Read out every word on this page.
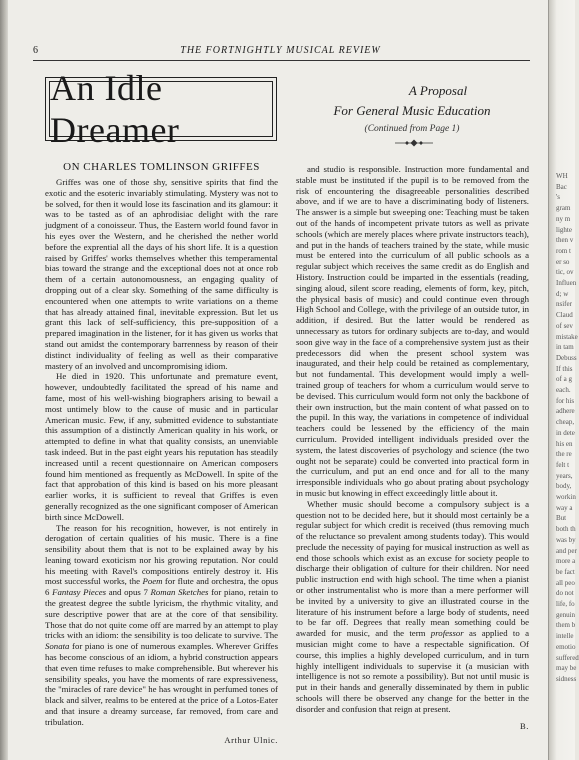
6	THE FORTNIGHTLY MUSICAL REVIEW
An Idle Dreamer
A Proposal
For General Music Education
(Continued from Page 1)
ON CHARLES TOMLINSON GRIFFES

Griffes was one of those shy, sensitive spirits that find the exotic and the esoteric invariably stimulating. Mystery was not to be solved, for then it would lose its fascination and its glamour: it was to be tasted as of an aphrodisiac delight with the rare judgment of a conoisseur. Thus, the Eastern world found favor in his eyes over the Western, and he cherished the nether world before the exprential all the days of his short life. It is a question raised by Griffes' works themselves whether this temperamental bias toward the strange and the exceptional does not at once rob them of a certain autonomousness, an engaging quality of dropping out of a clear sky. Something of the same difficulty is encountered when one attempts to write variations on a theme that has already attained final, inevitable expression. But let us grant this lack of self-sufficiency, this pre-supposition of a prepared imagination in the listener, for it has given us works that stand out amidst the contemporary barrenness by reason of their distinct individuality of feeling as well as their comparative mastery of an involved and uncompromising idiom.

He died in 1920. This unfortunate and premature event, however, undoubtedly facilitated the spread of his name and fame, most of his well-wishing biographers arising to bewail a most untimely blow to the cause of music and in particular American music. Few, if any, submitted evidence to substantiate this assumption of a distinctly American quality in his work, or attempted to define in what that quality consists, an unenviable task indeed. But in the past eight years his reputation has steadily increased until a recent questionnaire on American composers found him mentioned as frequently as McDowell. In spite of the fact that approbation of this kind is based on his more pleasant earlier works, it is sufficient to reveal that Griffes is even generally recognized as the one significant composer of American birth since McDowell.

The reason for his recognition, however, is not entirely in derogation of certain qualities of his music. There is a fine sensibility about them that is not to be explained away by his leaning toward exoticism nor his growing reputation. Nor could his meeting with Ravel's compositions entirely destroy it. His most successful works, the Poem for flute and orchestra, the opus 6 Fantasy Pieces and opus 7 Roman Sketches for piano, retain to the greatest degree the subtle lyricism, the rhythmic vitality, and sure descriptive power that are at the core of that sensibility. Those that do not quite come off are marred by an attempt to play tricks with an idiom: the sensibility is too delicate to survive. The Sonata for piano is one of numerous examples. Wherever Griffes has become conscious of an idiom, a hybrid construction appears that even time refuses to make comprehensible. But wherever his sensibility speaks, you have the moments of rare expressiveness, the "miracles of rare device" he has wrought in perfumed tones of black and silver, realms to be entered at the price of a Lotos-Eater and that insure a dreamy surcease, far removed, from care and tribulation.

Arthur Ulnic.

and studio is responsible. Instruction more fundamental and stable must be instituted if the pupil is to be removed from the risk of encountering the disagreeable personalities described above, and if we are to have a discriminating body of listeners. The answer is a simple but sweeping one: Teaching must be taken out of the hands of incompetent private tutors as well as private schools (which are merely places where private instructors teach), and put in the hands of teachers trained by the state, while music must be entered into the curriculum of all public schools as a regular subject which receives the same credit as do English and History. Instruction could be imparted in the essentials (reading, singing aloud, silent score reading, elements of form, key, pitch, the physical basis of music) and could continue even through High School and College, with the privilege of an outside tutor, in addition, if desired. But the latter would be rendered as unnecessary as tutors for ordinary subjects are to-day, and would soon give way in the face of a comprehensive system just as their predecessors did when the present school system was inaugurated, and their help could be retained as complementary, but not fundamental. This development would imply a well-trained group of teachers for whom a curriculum would serve to be devised. This curriculum would form not only the backbone of their own instruction, but the main content of what passed on to the pupil. In this way, the variations in competence of individual teachers could be lessened by the efficiency of the main curriculum. Provided intelligent individuals presided over the system, the latest discoveries of psychology and science (the two ought not be separate) could be converted into practical form in the curriculum, and put an end once and for all to the many irresponsible individuals who go about prating about psychology in music but knowing in effect exceedingly little about it.

Whether music should become a compulsory subject is a question not to be decided here, but it should most certainly be a regular subject for which credit is received (thus removing much of the reluctance so prevalent among students today). This would preclude the necessity of paying for musical instruction as well as end those schools which exist as an excuse for society people to discharge their obligation of culture for their children. Nor need public instruction end with high school. The time when a pianist or other instrumentalist who is more than a mere performer will be invited by a university to give an illustrated course in the literature of his instrument before a large body of students, need to be far off. Degrees that really mean something could be awarded for music, and the term professor as applied to a musician might come to have a respectable signification. Of course, this implies a highly developed curriculum, and in turn highly intelligent individuals to supervise it (a musician with intelligence is not so remote a possibility). But not until music is put in their hands and generally disseminated by them in public schools will there be observed any change for the better in the disorder and confusion that reign at present.

B.
WH
Bac
's
gram
ny m
lighte
then v
rom t
er so
tic, ov
Influen
d; w
nsifer
Claud
of sev
mistake
in tam
Debuss
If this
of a g
each.
for his
adhere
cheap,
in dete
his en
the re
felt t
years,
body,
workin
way a
But
both th
was by
and per
more a
be fact
all peo
do not
life, fo
genuin
them b
intelle
emotio
suffered
may be
sidness
